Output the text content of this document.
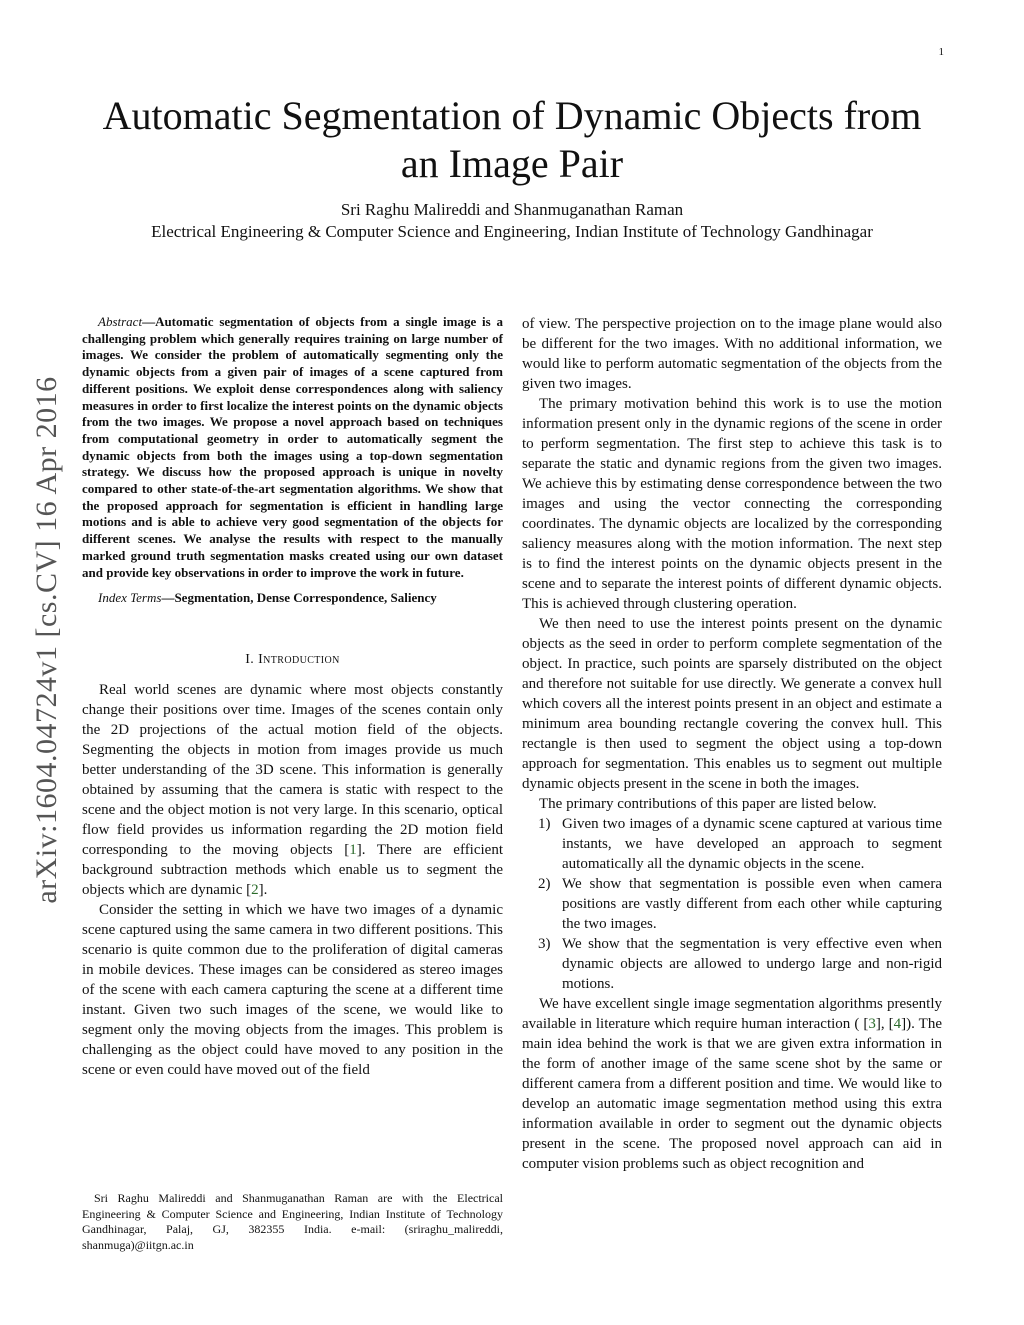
1
arXiv:1604.04724v1 [cs.CV] 16 Apr 2016
Automatic Segmentation of Dynamic Objects from an Image Pair
Sri Raghu Malireddi and Shanmuganathan Raman
Electrical Engineering & Computer Science and Engineering, Indian Institute of Technology Gandhinagar

Abstract—Automatic segmentation of objects from a single image is a challenging problem which generally requires training on large number of images. We consider the problem of automatically segmenting only the dynamic objects from a given pair of images of a scene captured from different positions. We exploit dense correspondences along with saliency measures in order to first localize the interest points on the dynamic objects from the two images. We propose a novel approach based on techniques from computational geometry in order to automatically segment the dynamic objects from both the images using a top-down segmentation strategy. We discuss how the proposed approach is unique in novelty compared to other state-of-the-art segmentation algorithms. We show that the proposed approach for segmentation is efficient in handling large motions and is able to achieve very good segmentation of the objects for different scenes. We analyse the results with respect to the manually marked ground truth segmentation masks created using our own dataset and provide key observations in order to improve the work in future.

Index Terms—Segmentation, Dense Correspondence, Saliency

I. Introduction

Real world scenes are dynamic where most objects constantly change their positions over time. Images of the scenes contain only the 2D projections of the actual motion field of the objects. Segmenting the objects in motion from images provide us much better understanding of the 3D scene. This information is generally obtained by assuming that the camera is static with respect to the scene and the object motion is not very large. In this scenario, optical flow field provides us information regarding the 2D motion field corresponding to the moving objects [1]. There are efficient background subtraction methods which enable us to segment the objects which are dynamic [2].

Consider the setting in which we have two images of a dynamic scene captured using the same camera in two different positions. This scenario is quite common due to the proliferation of digital cameras in mobile devices. These images can be considered as stereo images of the scene with each camera capturing the scene at a different time instant. Given two such images of the scene, we would like to segment only the moving objects from the images. This problem is challenging as the object could have moved to any position in the scene or even could have moved out of the field

Sri Raghu Malireddi and Shanmuganathan Raman are with the Electrical Engineering & Computer Science and Engineering, Indian Institute of Technology Gandhinagar, Palaj, GJ, 382355 India. e-mail: (sriraghu_malireddi, shanmuga)@iitgn.ac.in

of view. The perspective projection on to the image plane would also be different for the two images. With no additional information, we would like to perform automatic segmentation of the objects from the given two images.

The primary motivation behind this work is to use the motion information present only in the dynamic regions of the scene in order to perform segmentation. The first step to achieve this task is to separate the static and dynamic regions from the given two images. We achieve this by estimating dense correspondence between the two images and using the vector connecting the corresponding coordinates. The dynamic objects are localized by the corresponding saliency measures along with the motion information. The next step is to find the interest points on the dynamic objects present in the scene and to separate the interest points of different dynamic objects. This is achieved through clustering operation.

We then need to use the interest points present on the dynamic objects as the seed in order to perform complete segmentation of the object. In practice, such points are sparsely distributed on the object and therefore not suitable for use directly. We generate a convex hull which covers all the interest points present in an object and estimate a minimum area bounding rectangle covering the convex hull. This rectangle is then used to segment the object using a top-down approach for segmentation. This enables us to segment out multiple dynamic objects present in the scene in both the images.

The primary contributions of this paper are listed below.

1) Given two images of a dynamic scene captured at various time instants, we have developed an approach to segment automatically all the dynamic objects in the scene.
2) We show that segmentation is possible even when camera positions are vastly different from each other while capturing the two images.
3) We show that the segmentation is very effective even when dynamic objects are allowed to undergo large and non-rigid motions.

We have excellent single image segmentation algorithms presently available in literature which require human interaction ( [3], [4]). The main idea behind the work is that we are given extra information in the form of another image of the same scene shot by the same or different camera from a different position and time. We would like to develop an automatic image segmentation method using this extra information available in order to segment out the dynamic objects present in the scene. The proposed novel approach can aid in computer vision problems such as object recognition and
